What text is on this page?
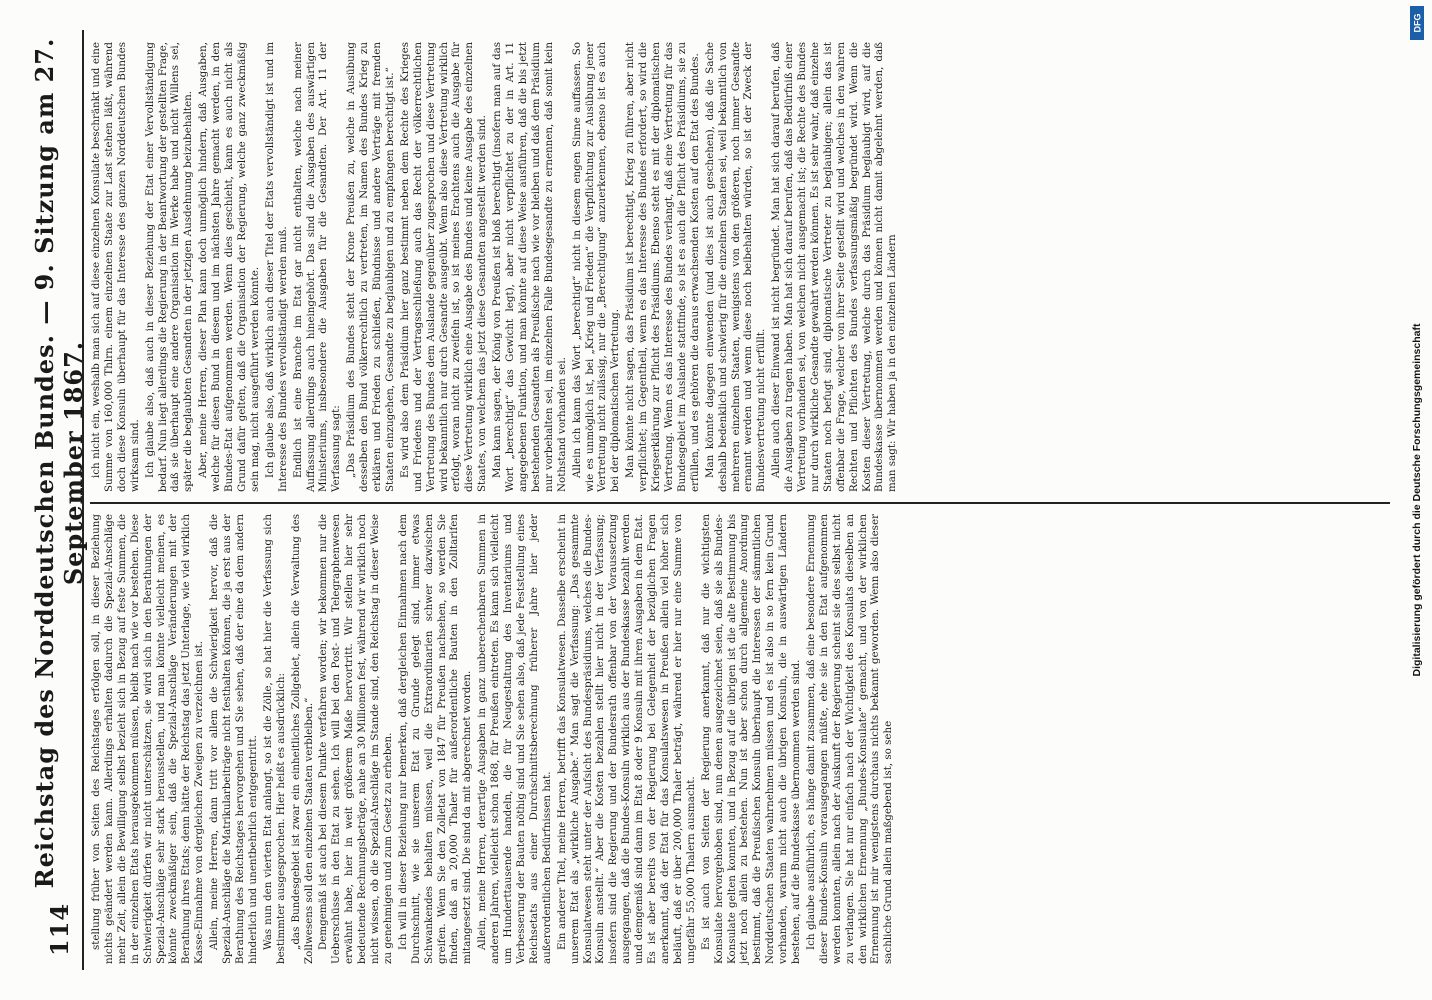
114
Reichstag des Norddeutschen Bundes. — 9. Sitzung am 27. September 1867.

stellung früher von Seiten des Reichstages erfolgen soll, in dieser Beziehung nichts geändert werden kann. Allerdings erhalten dadurch die Spezial-Anschläge mehr Zeit, allein die Bewilligung selbst bezieht sich in Bezug auf feste Summen, die in der einzelnen Etats herausgekommen müssen, bleibt nach wie vor bestehen. Diese Schwierigkeit dürfen wir nicht unterschätzen, sie wird sich in den Berathungen der Spezial-Anschläge sehr stark herausstellen, und man könnte vielleicht meinen, es könnte zweckmäßiger sein, daß die Spezial-Anschläge Veränderungen mit der Berathung ihres Etats; denn hätte der Reichstag das jetzt Unterlage, wie viel wirklich Kasse-Einnahme von dergleichen Zweigen zu verzeichnen ist. Allein, meine Herren, dann tritt vor allem die Schwierigkeit hervor, daß die Spezial-Anschläge die Matrikularbeiträge nicht festhalten können, die ja erst aus der Berathung des Reichstages hervorgehen und Sie sehen, daß der eine da dem andern hinderlich und unentbehrlich entgegentritt. Was nun den vierten Etat anlangt, so ist die Zölle, so hat hier die Verfassung sich bestimmter ausgesprochen. Hier heißt es ausdrücklich: „das Bundesgebiet ist zwar ein einheitliches Zollgebiet, allein die Verwaltung des Zollwesens soll den einzelnen Staaten verbleiben.“ Demgemäß ist auch bei diesem Punkte verfahren worden; wir bekommen nur die Ueberschüsse in den Etat zu sehen. Ich will bei den Post- und Telegraphenwesen erwähnt habe, hier in weit größerem Maße hervortritt. Wir stellen hier sehr bedeutende Rechnungsbeträge, nahe an 30 Millionen fest, während wir wirklich noch nicht wissen, ob die Spezial-Anschläge im Stande sind, den Reichstag in dieser Weise zu genehmigen und zum Gesetz zu erheben. Ich will in dieser Beziehung nur bemerken, daß dergleichen Einnahmen nach dem Durchschnitt, wie sie unserem Etat zu Grunde gelegt sind, immer etwas Schwankendes behalten müssen, weil die Extraordinarien schwer dazwischen greifen. Wenn Sie den Zolletat von 1847 für Preußen nachsehen, so werden Sie finden, daß an 20,000 Thaler für außerordentliche Bauten in den Zolltarifen mitangesetzt sind. Die sind da mit abgerechnet worden. Allein, meine Herren, derartige Ausgaben in ganz unberechenbaren Summen in anderen Jahren, vielleicht schon 1868, für Preußen eintreten. Es kann sich vielleicht um Hunderttausende handeln, die für Neugestaltung des Inventariums und Verbesserung der Bauten nöthig sind und Sie sehen also, daß jede Feststellung eines Reichsetats aus einer Durchschnittsberechnung früherer Jahre hier jeder außerordentlichen Bedürfnissen hat. Ein anderer Titel, meine Herren, betrifft das Konsulatwesen. Dasselbe erscheint in unserem Etat als „wirkliche Ausgabe.“ Man sagt die Verfassung: „Das gesammte Konsulatwesen steht unter der Aufsicht des Bundespräsidiums, welches die Bundes-Konsuln anstellt.“ Aber die Kosten bezahlen stellt hier nicht in der Verfassung; insofern sind die Regierung und der Bundesrath offenbar von der Voraussetzung ausgegangen, daß die Bundes-Konsuln wirklich aus der Bundeskasse bezahlt werden und demgemäß sind dann im Etat 8 oder 9 Konsuln mit ihren Ausgaben in dem Etat. Es ist aber bereits von der Regierung bei Gelegenheit der bezüglichen Fragen anerkannt, daß der Etat für das Konsulatswesen in Preußen allein viel höher sich beläuft, daß er über 200,000 Thaler beträgt, während er hier nur eine Summe von ungefähr 55,000 Thalern ausmacht. Es ist auch von Seiten der Regierung anerkannt, daß nur die wichtigsten Konsulate hervorgehoben sind, nun denen ausgezeichnet seien, daß sie als Bundes-Konsulate gelten konnten, und in Bezug auf die übrigen ist die alte Bestimmung bis jetzt noch allein zu bestehen. Nun ist aber schon durch allgemeine Anordnung bestimmt, daß die Preußischen Konsuln überhaupt die Interessen der sämmtlichen Norddeutschen Staaten wahrnehmen müssen und es ist also in so fern kein Grund vorhanden, warum nicht auch die übrigen Konsuln, die in auswärtigen Ländern bestehen, auf die Bundeskasse übernommen werden sind. Ich glaube ausführlich, es hänge damit zusammen, daß eine besondere Ernennung dieser Bundes-Konsuln vorausgegangen müßte, ehe sie in den Etat aufgenommen werden konnten, allein nach der Auskunft der Regierung scheint sie dies selbst nicht zu verlangen. Sie hat nur einfach nach der Wichtigkeit des Konsulats dieselben an den wirklichen Ernennung „Bundes-Konsulate“ gemacht, und von der wirklichen Ernennung ist mir wenigstens durchaus nichts bekannt geworden. Wenn also dieser sachliche Grund allein maßgebend ist, so sehe

ich nicht ein, weshalb man sich auf diese einzelnen Konsulate beschränkt und eine Summe von 160,000 Thlrn. einem einzelnen Staate zur Last stehen läßt, während doch diese Konsuln überhaupt für das Interesse des ganzen Norddeutschen Bundes wirksam sind. Ich glaube also, daß auch in dieser Beziehung der Etat einer Vervollständigung bedarf. Nun liegt allerdings die Regierung in der Beantwortung der gestellten Frage, daß sie überhaupt eine andere Organisation im Werke habe und nicht Willens sei, später die beglaubten Gesandten in der jetzigen Ausdehnung beizubehalten. Aber, meine Herren, dieser Plan kann doch unmöglich hindern, daß Ausgaben, welche für diesen Bund in diesem und im nächsten Jahre gemacht werden, in den Bundes-Etat aufgenommen werden. Wenn dies geschieht, kann es auch nicht als Grund dafür gelten, daß die Organisation der Regierung, welche ganz zweckmäßig sein mag, nicht ausgeführt werden könnte. Ich glaube also, daß wirklich auch dieser Titel der Etats vervollständigt ist und im Interesse des Bundes vervollständigt werden muß. Endlich ist eine Branche im Etat gar nicht enthalten, welche nach meiner Auffassung allerdings auch hineingehört. Das sind die Ausgaben des auswärtigen Ministeriums, insbesondere die Ausgaben für die Gesandten. Der Art. 11 der Verfassung sagt: „Das Präsidium des Bundes steht der Krone Preußen zu, welche in Ausübung desselben den Bund völkerrechtlich zu vertreten, im Namen des Bundes Krieg zu erklären und Frieden zu schließen, Bündnisse und andere Verträge mit fremden Staaten einzugehen, Gesandte zu beglaubigen und zu empfangen berechtigt ist.“ Es wird also dem Präsidium hier ganz bestimmt neben dem Rechte des Krieges und Friedens und der Vertragsschließung auch das Recht der völkerrechtlichen Vertretung des Bundes dem Auslande gegenüber zugesprochen und diese Vertretung wird bekanntlich nur durch Gesandte ausgeübt. Wenn also diese Vertretung wirklich erfolgt, woran nicht zu zweifeln ist, so ist meines Erachtens auch die Ausgabe für diese Vertretung wirklich eine Ausgabe des Bundes und keine Ausgabe des einzelnen Staates, von welchem das jetzt diese Gesandten angestellt werden sind. Man kann sagen, der König von Preußen ist bloß berechtigt (insofern man auf das Wort „berechtigt“ das Gewicht legt), aber nicht verpflichtet zu der in Art. 11 angegebenen Funktion, und man könnte auf diese Weise ausführen, daß die bis jetzt bestehenden Gesandten als Preußische nach wie vor bleiben und daß dem Präsidium nur vorbehalten sei, im einzelnen Falle Bundesgesandte zu ernennen, daß somit kein Nothstand vorhanden sei. Allein ich kann das Wort „berechtigt“ nicht in diesem engen Sinne auffassen. So wie es unmöglich ist, bei „Krieg und Frieden“ die Verpflichtung zur Ausübung jener Vertretung nicht zulässig, nur die „Berechtigung“ anzuerkennen, ebenso ist es auch bei der diplomatischen Vertretung. Man könnte nicht sagen, das Präsidium ist berechtigt, Krieg zu führen, aber nicht verpflichtet; im Gegentheil, wenn es das Interesse des Bundes erfordert, so wird die Kriegserklärung zur Pflicht des Präsidiums. Ebenso steht es mit der diplomatischen Vertretung. Wenn es das Interesse des Bundes verlangt, daß eine Vertretung für das Bundesgebiet im Auslande stattfinde, so ist es auch die Pflicht des Präsidiums, sie zu erfüllen, und es gehören die daraus erwachsenden Kosten auf den Etat des Bundes. Man könnte dagegen einwenden (und dies ist auch geschehen), daß die Sache deshalb bedenklich und schwierig für die einzelnen Staaten sei, weil bekanntlich von mehreren einzelnen Staaten, wenigstens von den größeren, noch immer Gesandte ernannt werden und wenn diese noch beibehalten würden, so ist der Zweck der Bundesvertretung nicht erfüllt. Allein auch dieser Einwand ist nicht begründet. Man hat sich darauf berufen, daß die Ausgaben zu tragen haben. Man hat sich darauf berufen, daß das Bedürfniß einer Vertretung vorhanden sei, von welchen nicht ausgemacht ist; die Rechte des Bundes nur durch wirkliche Gesandte gewahrt werden können. Es ist sehr wahr, daß einzelne Staaten noch befugt sind, diplomatische Vertreter zu beglaubigen; allein das ist offenbar die Frage, welcher von ihrer Seite gestellt wird und welches in den wahren Rechten und Pflichten des Bundes verfassungsmäßig begründet wird. Wenn die Kosten dieser Vertretung, welche durch das Präsidium beglaubigt wird, auf die Bundeskasse übernommen werden und können nicht damit abgelehnt werden, daß man sagt: Wir haben ja in den einzelnen Ländern

DFG
Digitalisierung gefördert durch die Deutsche Forschungsgemeinschaft
